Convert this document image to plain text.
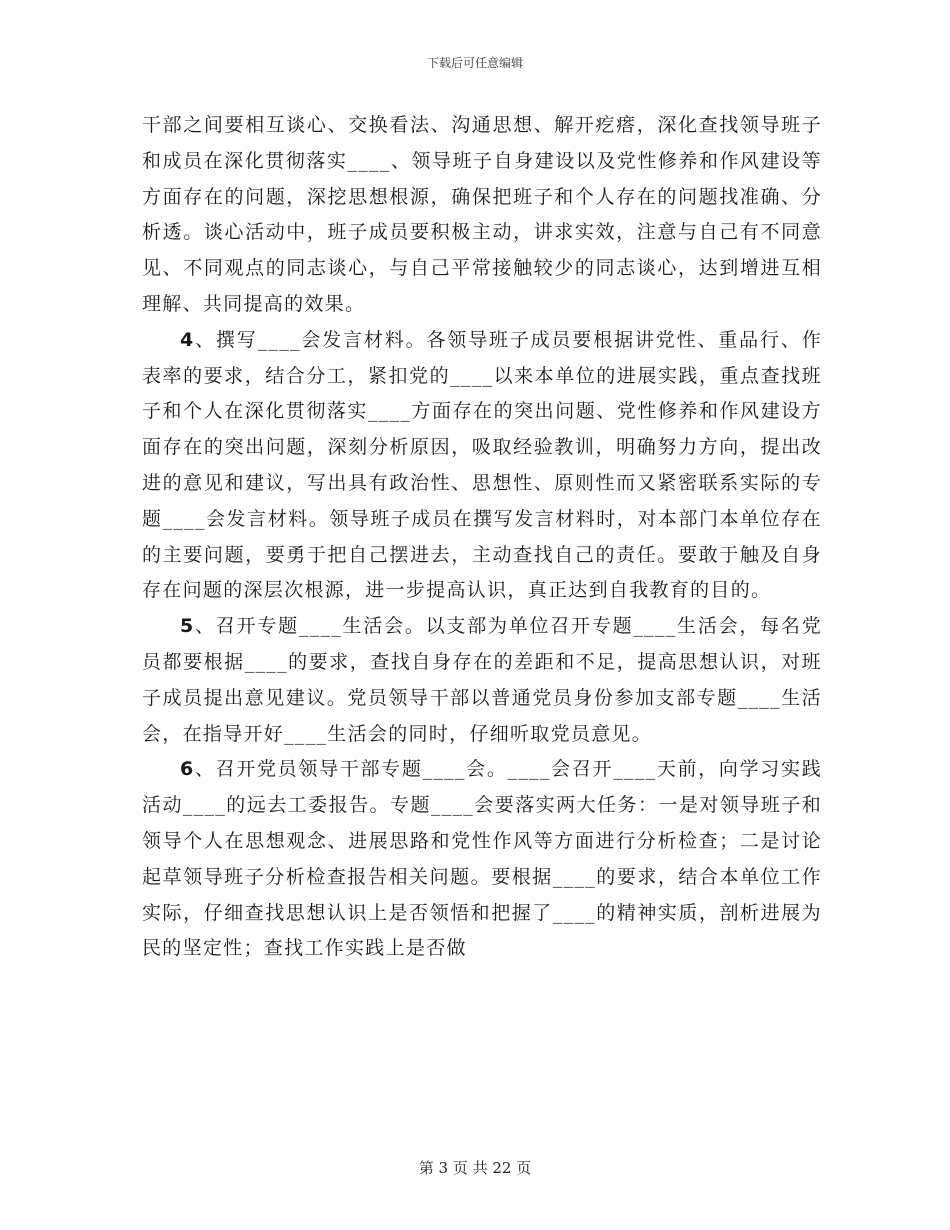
下载后可任意编辑

干部之间要相互谈心、交换看法、沟通思想、解开疙瘩，深化查找领导班子和成员在深化贯彻落实____、领导班子自身建设以及党性修养和作风建设等方面存在的问题，深挖思想根源，确保把班子和个人存在的问题找准确、分析透。谈心活动中，班子成员要积极主动，讲求实效，注意与自己有不同意见、不同观点的同志谈心，与自己平常接触较少的同志谈心，达到增进互相理解、共同提高的效果。

4、撰写____会发言材料。各领导班子成员要根据讲党性、重品行、作表率的要求，结合分工，紧扣党的____以来本单位的进展实践，重点查找班子和个人在深化贯彻落实____方面存在的突出问题、党性修养和作风建设方面存在的突出问题，深刻分析原因，吸取经验教训，明确努力方向，提出改进的意见和建议，写出具有政治性、思想性、原则性而又紧密联系实际的专题____会发言材料。领导班子成员在撰写发言材料时，对本部门本单位存在的主要问题，要勇于把自己摆进去，主动查找自己的责任。要敢于触及自身存在问题的深层次根源，进一步提高认识，真正达到自我教育的目的。

5、召开专题____生活会。以支部为单位召开专题____生活会，每名党员都要根据____的要求，查找自身存在的差距和不足，提高思想认识，对班子成员提出意见建议。党员领导干部以普通党员身份参加支部专题____生活会，在指导开好____生活会的同时，仔细听取党员意见。

6、召开党员领导干部专题____会。____会召开____天前，向学习实践活动____的远去工委报告。专题____会要落实两大任务：一是对领导班子和领导个人在思想观念、进展思路和党性作风等方面进行分析检查；二是讨论起草领导班子分析检查报告相关问题。要根据____的要求，结合本单位工作实际，仔细查找思想认识上是否领悟和把握了____的精神实质，剖析进展为民的坚定性；查找工作实践上是否做

第 3 页 共 22 页
